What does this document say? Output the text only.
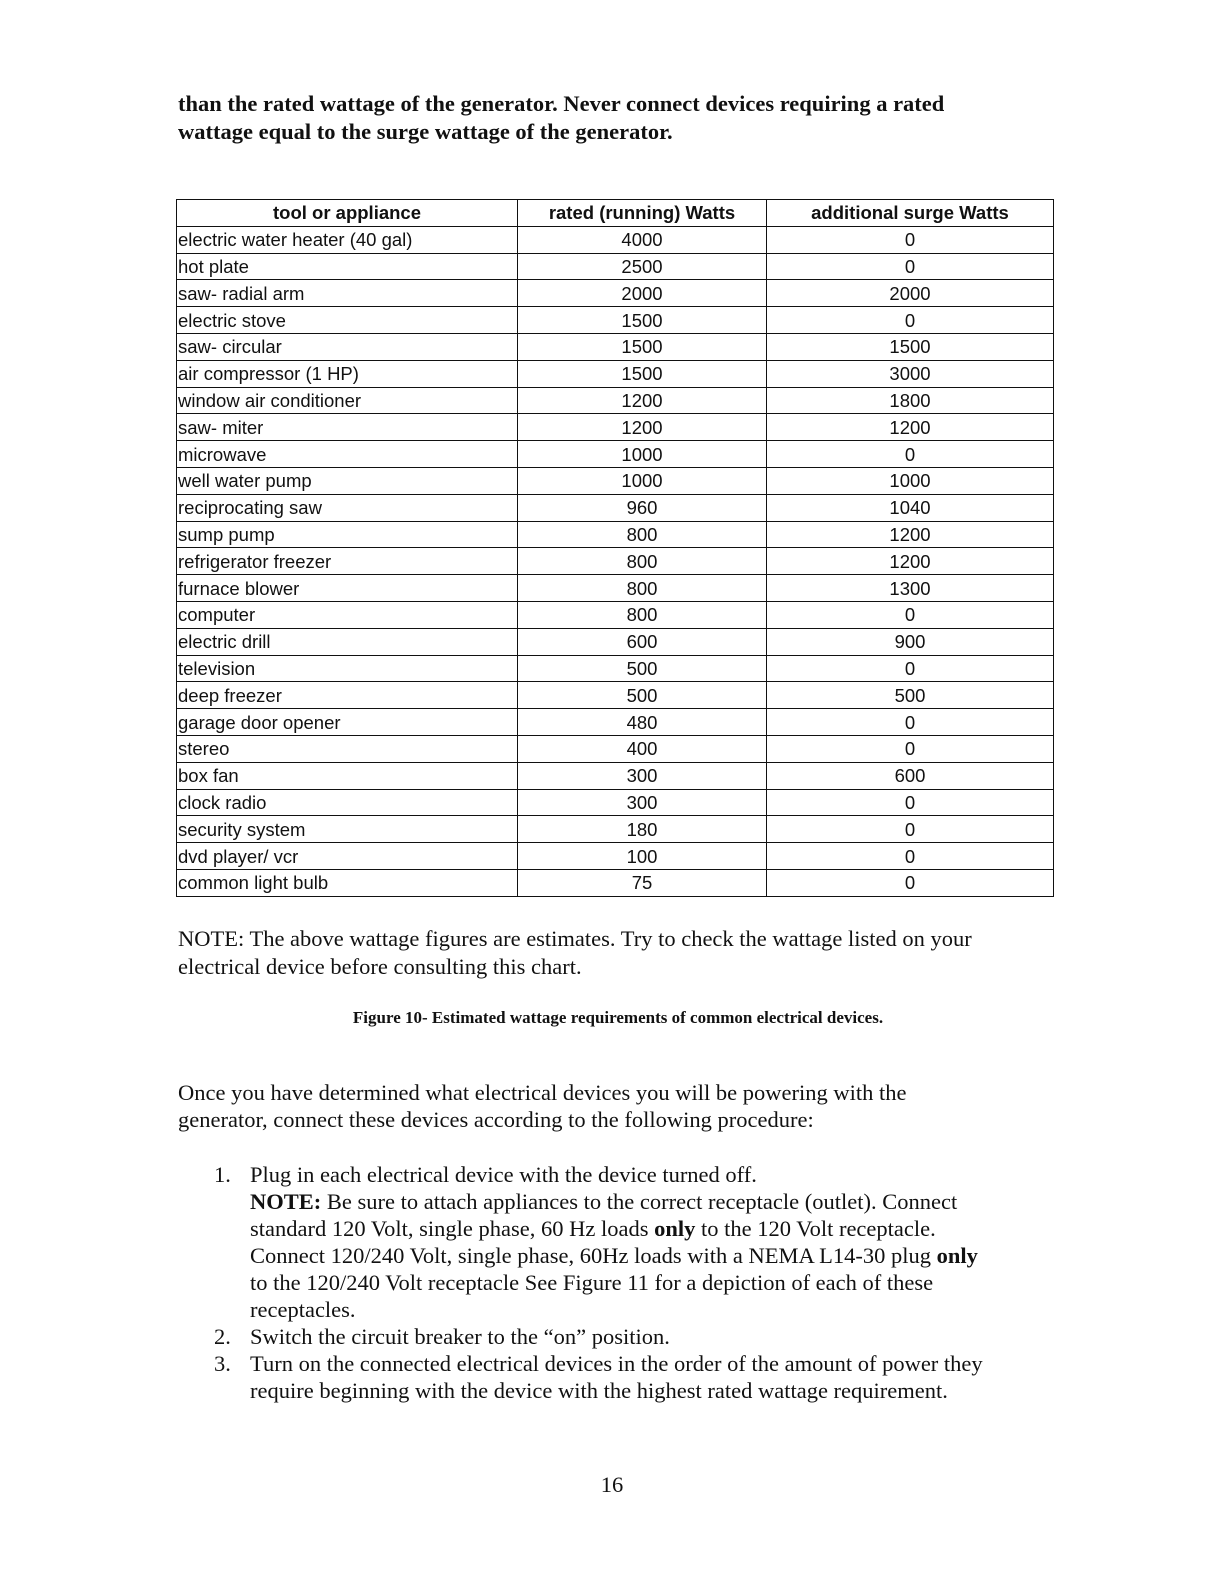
than the rated wattage of the generator. Never connect devices requiring a rated
wattage equal to the surge wattage of the generator.
tool or appliance	rated (running) Watts	additional surge Watts
electric water heater (40 gal)	4000	0
hot plate	2500	0
saw- radial arm	2000	2000
electric stove	1500	0
saw- circular	1500	1500
air compressor (1 HP)	1500	3000
window air conditioner	1200	1800
saw- miter	1200	1200
microwave	1000	0
well water pump	1000	1000
reciprocating saw	960	1040
sump pump	800	1200
refrigerator freezer	800	1200
furnace blower	800	1300
computer	800	0
electric drill	600	900
television	500	0
deep freezer	500	500
garage door opener	480	0
stereo	400	0
box fan	300	600
clock radio	300	0
security system	180	0
dvd player/ vcr	100	0
common light bulb	75	0
NOTE: The above wattage figures are estimates. Try to check the wattage listed on your
electrical device before consulting this chart.
Figure 10- Estimated wattage requirements of common electrical devices.
Once you have determined what electrical devices you will be powering with the
generator, connect these devices according to the following procedure:
1. Plug in each electrical device with the device turned off.
NOTE: Be sure to attach appliances to the correct receptacle (outlet). Connect
standard 120 Volt, single phase, 60 Hz loads only to the 120 Volt receptacle.
Connect 120/240 Volt, single phase, 60Hz loads with a NEMA L14-30 plug only
to the 120/240 Volt receptacle See Figure 11 for a depiction of each of these
receptacles.
2. Switch the circuit breaker to the “on” position.
3. Turn on the connected electrical devices in the order of the amount of power they
require beginning with the device with the highest rated wattage requirement.
16
